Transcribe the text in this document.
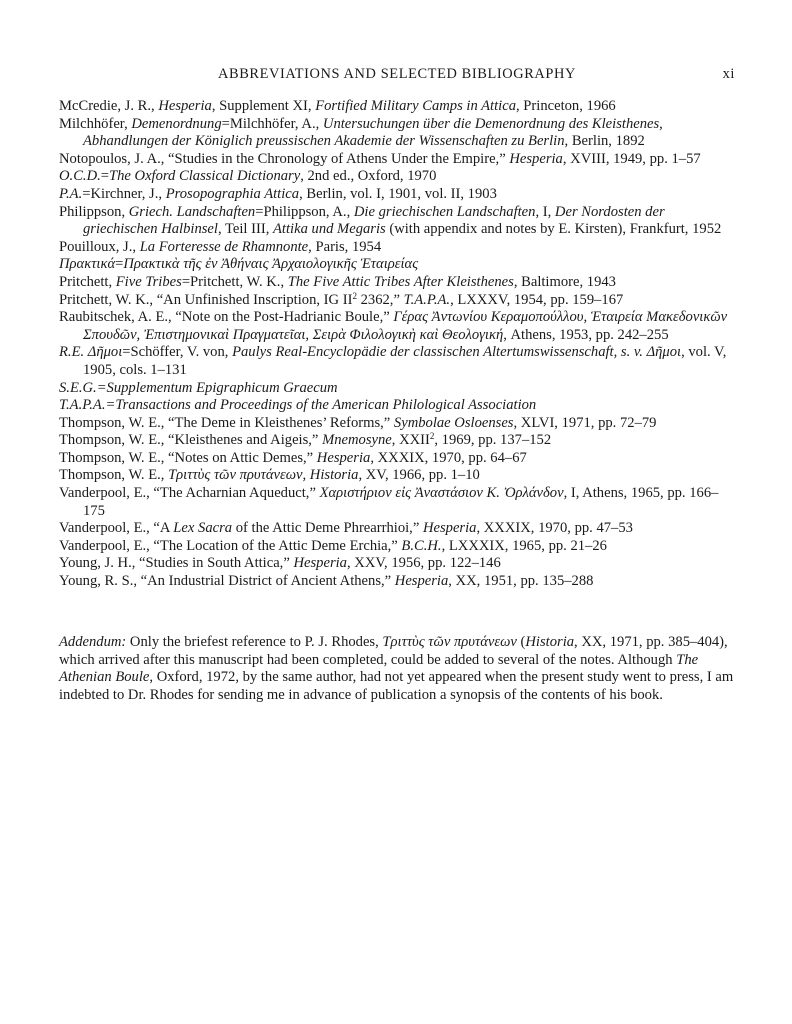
ABBREVIATIONS AND SELECTED BIBLIOGRAPHY	xi

McCredie, J. R., Hesperia, Supplement XI, Fortified Military Camps in Attica, Princeton, 1966

Milchhöfer, Demenordnung=Milchhöfer, A., Untersuchungen über die Demenordnung des Kleisthenes, Abhandlungen der Königlich preussischen Akademie der Wissenschaften zu Berlin, Berlin, 1892

Notopoulos, J. A., “Studies in the Chronology of Athens Under the Empire,” Hesperia, XVIII, 1949, pp. 1–57

O.C.D.=The Oxford Classical Dictionary, 2nd ed., Oxford, 1970

P.A.=Kirchner, J., Prosopographia Attica, Berlin, vol. I, 1901, vol. II, 1903

Philippson, Griech. Landschaften=Philippson, A., Die griechischen Landschaften, I, Der Nordosten der griechischen Halbinsel, Teil III, Attika und Megaris (with appendix and notes by E. Kirsten), Frankfurt, 1952

Pouilloux, J., La Forteresse de Rhamnonte, Paris, 1954

Πρακτικά=Πρακτικὰ τῆς ἐν Ἀθήναις Ἀρχαιολογικῆς Ἑταιρείας

Pritchett, Five Tribes=Pritchett, W. K., The Five Attic Tribes After Kleisthenes, Baltimore, 1943

Pritchett, W. K., “An Unfinished Inscription, IG $II^2$ 2362,” T.A.P.A., LXXXV, 1954, pp. 159–167

Raubitschek, A. E., “Note on the Post-Hadrianic Boule,” Γέρας Ἀντωνίου Κεραμοπούλλου, Ἑταιρεία Μακεδονικῶν Σπουδῶν, Ἐπιστημονικαὶ Πραγματεῖαι, Σειρὰ Φιλολογικὴ καὶ Θεολογική, Athens, 1953, pp. 242–255

R.E. Δῆμοι=Schöffer, V. von, Paulys Real-Encyclopädie der classischen Altertumswissenschaft, s. v. Δῆμοι, vol. V, 1905, cols. 1–131

S.E.G.=Supplementum Epigraphicum Graecum

T.A.P.A.=Transactions and Proceedings of the American Philological Association

Thompson, W. E., “The Deme in Kleisthenes’ Reforms,” Symbolae Osloenses, XLVI, 1971, pp. 72–79

Thompson, W. E., “Kleisthenes and Aigeis,” Mnemosyne, XXII$^2$, 1969, pp. 137–152

Thompson, W. E., “Notes on Attic Demes,” Hesperia, XXXIX, 1970, pp. 64–67

Thompson, W. E., Τριττὺς τῶν πρυτάνεων, Historia, XV, 1966, pp. 1–10

Vanderpool, E., “The Acharnian Aqueduct,” Χαριστήριον εἰς Ἀναστάσιον Κ. Ὀρλάνδον, I, Athens, 1965, pp. 166–175

Vanderpool, E., “A Lex Sacra of the Attic Deme Phrearrhioi,” Hesperia, XXXIX, 1970, pp. 47–53

Vanderpool, E., “The Location of the Attic Deme Erchia,” B.C.H., LXXXIX, 1965, pp. 21–26

Young, J. H., “Studies in South Attica,” Hesperia, XXV, 1956, pp. 122–146

Young, R. S., “An Industrial District of Ancient Athens,” Hesperia, XX, 1951, pp. 135–288

Addendum: Only the briefest reference to P. J. Rhodes, Τριττὺς τῶν πρυτάνεων (Historia, XX, 1971, pp. 385–404), which arrived after this manuscript had been completed, could be added to several of the notes. Although The Athenian Boule, Oxford, 1972, by the same author, had not yet appeared when the present study went to press, I am indebted to Dr. Rhodes for sending me in advance of publication a synopsis of the contents of his book.
